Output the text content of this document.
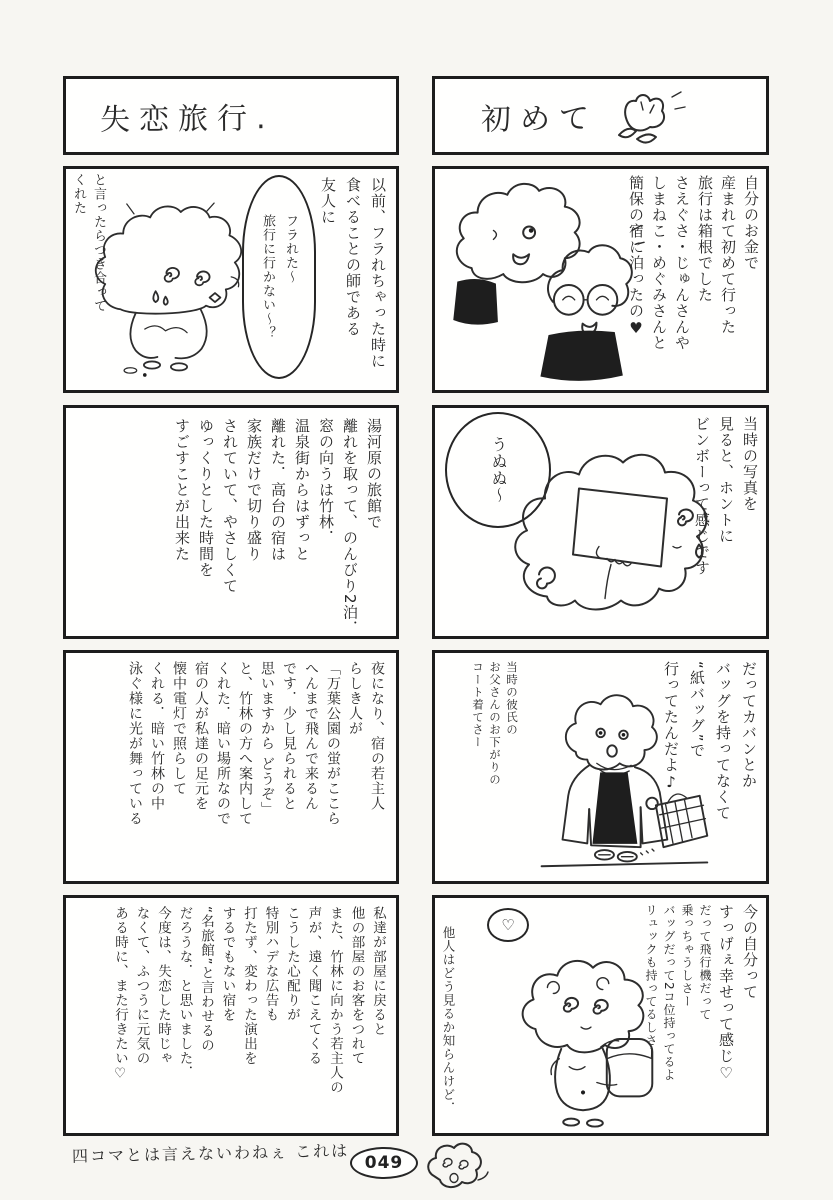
失恋旅行.	初めて
以前、フラれちゃった時に
食べることの師である
友人に
フラれた〜
旅行に行かない〜？
と言ったらつき合って
くれた	自分のお金で
産まれて初めて行った
旅行は箱根でした
さえぐさ・じゅんさんや
しまねこ・めぐみさんと
簡保の宿に泊ったの♥
湯河原の旅館で
離れを取って、のんびり2泊．
窓の向うは竹林．
温泉街からはずっと
離れた．高台の宿は
家族だけで切り盛り
されていて、やさしくて
ゆっくりとした時間を
すごすことが出来た	当時の写真を
見ると、ホントに
ビンボーって感じです
うぬぬ〜
夜になり、宿の若主人
らしき人が
「万葉公園の蛍がここら
へんまで飛んで来るん
です．少し見られると
思いますから どうぞ」
と、竹林の方へ案内して
くれた．暗い場所なので
宿の人が私達の足元を
懐中電灯で照らして
くれる．暗い竹林の中
泳ぐ様に光が舞っている	だってカバンとか
バッグを持ってなくて
“紙バッグ”で
行ってたんだよ♪
当時の彼氏の
お父さんのお下がりの
コート着てさー
私達が部屋に戻ると
他の部屋のお客をつれて
また、竹林に向かう若主人の
声が、遠く聞こえてくる
こうした心配りが
特別ハデな広告も
打たず、変わった演出を
するでもない宿を
“名旅館”と言わせるの
だろうな．と思いました．
今度は、失恋した時じゃ
なくて、ふつうに元気の
ある時に、また行きたい♡	今の自分って
すっげぇ幸せって感じ♡
だって飛行機だって
乗っちゃうしさー
バッグだって2コ位持ってるよ
リュックも持ってるしさー
他人はどう見るか知らんけど．
♡
四コマとは言えないわねぇ これは 049
